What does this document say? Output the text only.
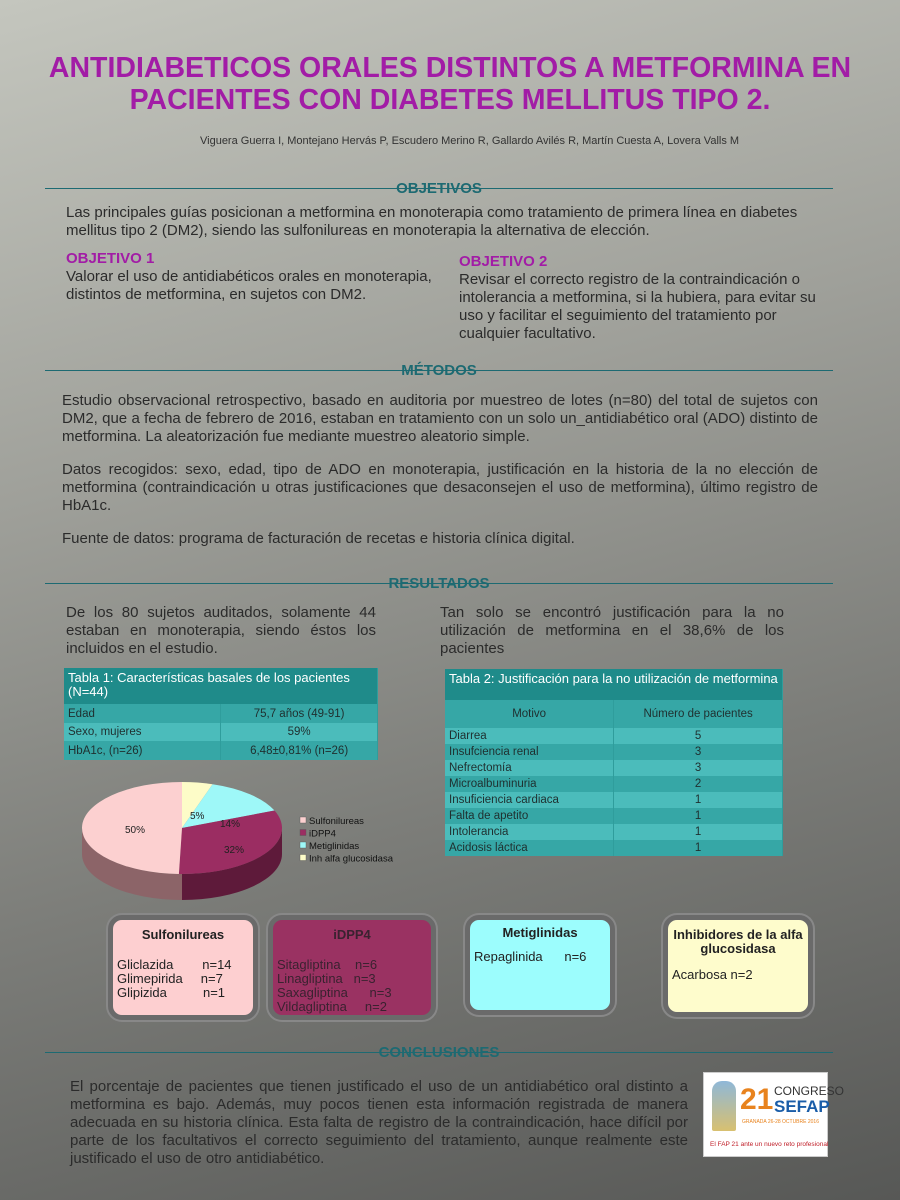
ANTIDIABETICOS ORALES DISTINTOS A METFORMINA EN PACIENTES CON DIABETES MELLITUS TIPO 2.
Viguera Guerra I, Montejano Hervás P, Escudero Merino R, Gallardo Avilés R, Martín Cuesta A, Lovera Valls M
OBJETIVOS
Las principales guías posicionan a metformina en monoterapia como tratamiento de primera línea en diabetes mellitus tipo 2 (DM2), siendo las sulfonilureas en monoterapia la alternativa de elección.
OBJETIVO 1
Valorar el uso de antidiabéticos orales en monoterapia, distintos de metformina, en sujetos con DM2.
OBJETIVO 2
Revisar el correcto registro de la contraindicación o intolerancia a metformina, si la hubiera, para evitar su uso y facilitar el seguimiento del tratamiento por cualquier facultativo.
MÉTODOS
Estudio observacional retrospectivo, basado en auditoria por muestreo de lotes (n=80) del total de sujetos con DM2, que a fecha de febrero de 2016, estaban en tratamiento con un solo un_antidiabético oral (ADO) distinto de metformina. La aleatorización fue mediante muestreo aleatorio simple.
Datos recogidos: sexo, edad, tipo de ADO en monoterapia, justificación en la historia de la no elección de metformina (contraindicación u otras justificaciones que desaconsejen el uso de metformina), último registro de HbA1c.
Fuente de datos: programa de facturación de recetas e historia clínica digital.
RESULTADOS
De los 80 sujetos auditados, solamente 44 estaban en monoterapia, siendo éstos los incluidos en el estudio.
Tan solo se encontró justificación para la no utilización de metformina en el 38,6% de los pacientes
Tabla 1: Características basales de los pacientes (N=44)	
Edad	75,7 años (49-91)
Sexo, mujeres	59%
HbA1c, (n=26)	6,48±0,81% (n=26)
Tabla 2: Justificación para la no utilización de metformina	
Motivo	Número de pacientes
Diarrea	5
Insufciencia renal	3
Nefrectomía	3
Microalbuminuria	2
Insuficiencia cardiaca	1
Falta de apetito	1
Intolerancia	1
Acidosis láctica	1
5%
14%
32%
50%
Sulfonilureas
iDPP4
Metiglinidas
Inh alfa glucosidasa
Sulfonilureas
Gliclazida        n=14
Glimepirida     n=7
Glipizida          n=1
iDPP4
Sitagliptina    n=6
Linagliptina   n=3
Saxagliptina      n=3
Vildagliptina     n=2
Metiglinidas
Repaglinida      n=6
Inhibidores de la alfa glucosidasa
Acarbosa n=2
CONCLUSIONES
El porcentaje de pacientes que tienen justificado el uso de un antidiabético oral distinto a metformina es bajo. Además, muy pocos tienen esta información registrada de manera adecuada en su historia clínica. Esta falta de registro de la contraindicación, hace difícil por parte de los facultativos el correcto seguimiento del tratamiento, aunque realmente este justificado el uso de otro antidiabético.
21 CONGRESO
SEFAP
GRANADA 26-28 OCTUBRE 2016
El FAP 21 ante un nuevo reto profesional
